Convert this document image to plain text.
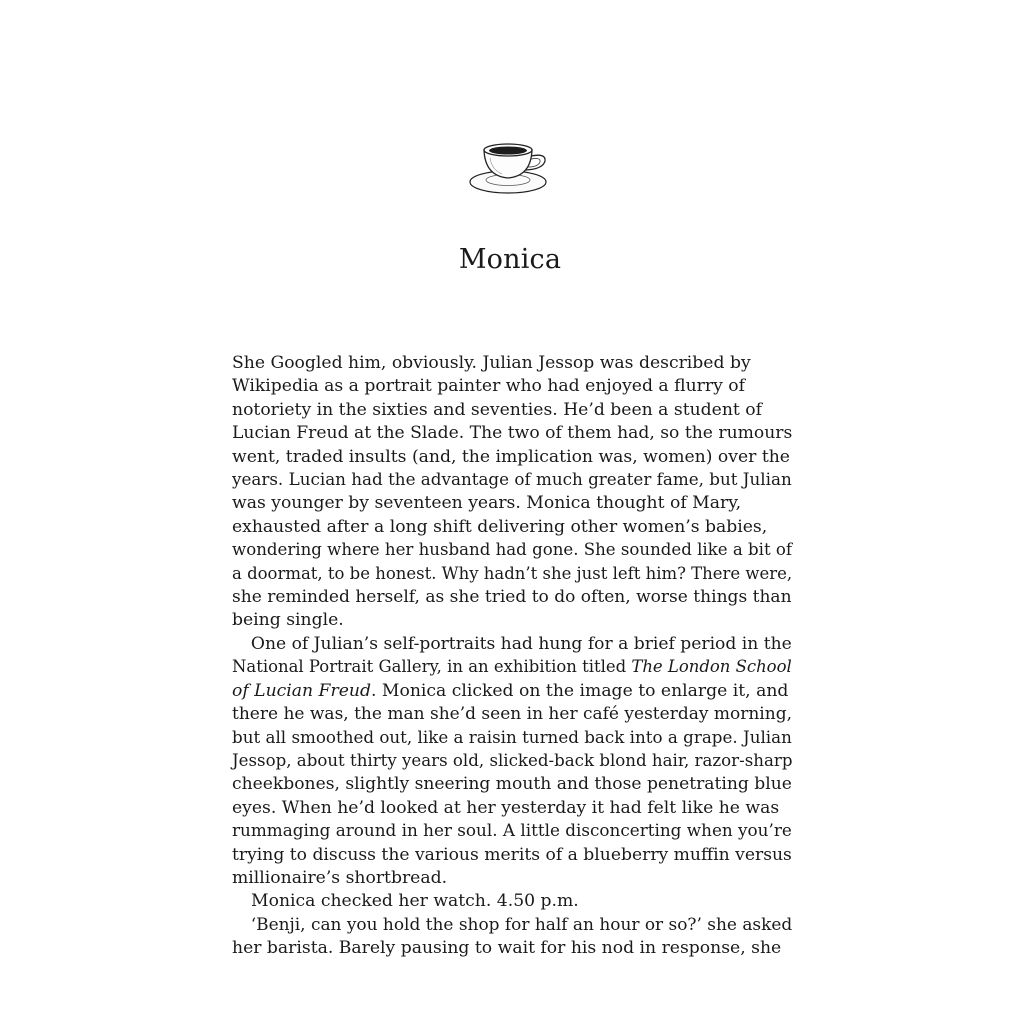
Monica
She Googled him, obviously. Julian Jessop was described by
Wikipedia as a portrait painter who had enjoyed a flurry of
notoriety in the sixties and seventies. He’d been a student of
Lucian Freud at the Slade. The two of them had, so the rumours
went, traded insults (and, the implication was, women) over the
years. Lucian had the advantage of much greater fame, but Julian
was younger by seventeen years. Monica thought of Mary,
exhausted after a long shift delivering other women’s babies,
wondering where her husband had gone. She sounded like a bit of
a doormat, to be honest. Why hadn’t she just left him? There were,
she reminded herself, as she tried to do often, worse things than
being single.
One of Julian’s self-portraits had hung for a brief period in the
National Portrait Gallery, in an exhibition titled The London School
of Lucian Freud. Monica clicked on the image to enlarge it, and
there he was, the man she’d seen in her café yesterday morning,
but all smoothed out, like a raisin turned back into a grape. Julian
Jessop, about thirty years old, slicked-back blond hair, razor-sharp
cheekbones, slightly sneering mouth and those penetrating blue
eyes. When he’d looked at her yesterday it had felt like he was
rummaging around in her soul. A little disconcerting when you’re
trying to discuss the various merits of a blueberry muffin versus
millionaire’s shortbread.
Monica checked her watch. 4.50 p.m.
‘Benji, can you hold the shop for half an hour or so?’ she asked
her barista. Barely pausing to wait for his nod in response, she
